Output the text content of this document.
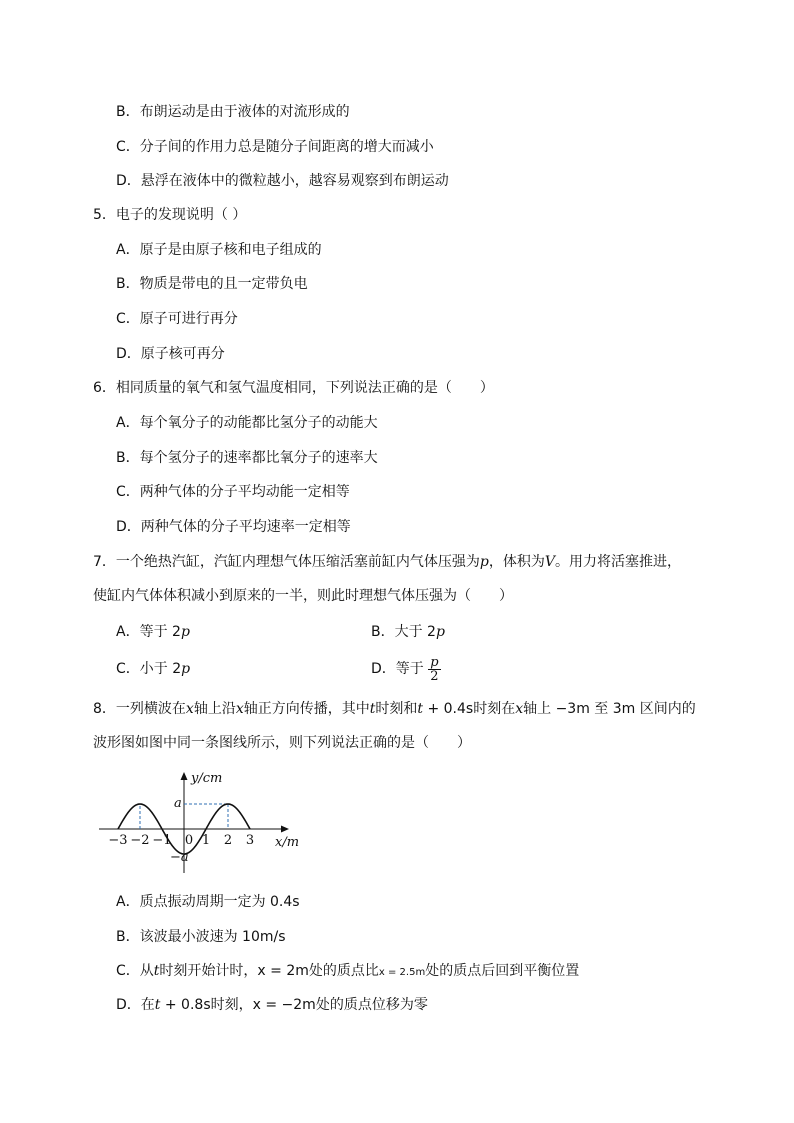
B．布朗运动是由于液体的对流形成的
C．分子间的作用力总是随分子间距离的增大而减小
D．悬浮在液体中的微粒越小，越容易观察到布朗运动
5．电子的发现说明（ ）
A．原子是由原子核和电子组成的
B．物质是带电的且一定带负电
C．原子可进行再分
D．原子核可再分
6．相同质量的氧气和氢气温度相同，下列说法正确的是（　　）
A．每个氧分子的动能都比氢分子的动能大
B．每个氢分子的速率都比氧分子的速率大
C．两种气体的分子平均动能一定相等
D．两种气体的分子平均速率一定相等
7．一个绝热汽缸，汽缸内理想气体压缩活塞前缸内气体压强为p，体积为V。用力将活塞推进，
使缸内气体体积减小到原来的一半，则此时理想气体压强为（　　）
A．等于 2p	B．大于 2p
C．小于 2p	D．等于 $\frac{p}{2}$
8．一列横波在x轴上沿x轴正方向传播，其中t时刻和t + 0.4s时刻在x轴上 −3m 至 3m 区间内的
波形图如图中同一条图线所示，则下列说法正确的是（　　）
y/cm
x/m
a
−a
−3 −2 −1 0 1 2 3
A．质点振动周期一定为 0.4s
B．该波最小波速为 10m/s
C．从t时刻开始计时，x = 2m处的质点比x = 2.5m处的质点后回到平衡位置
D．在t + 0.8s时刻，x = −2m处的质点位移为零
